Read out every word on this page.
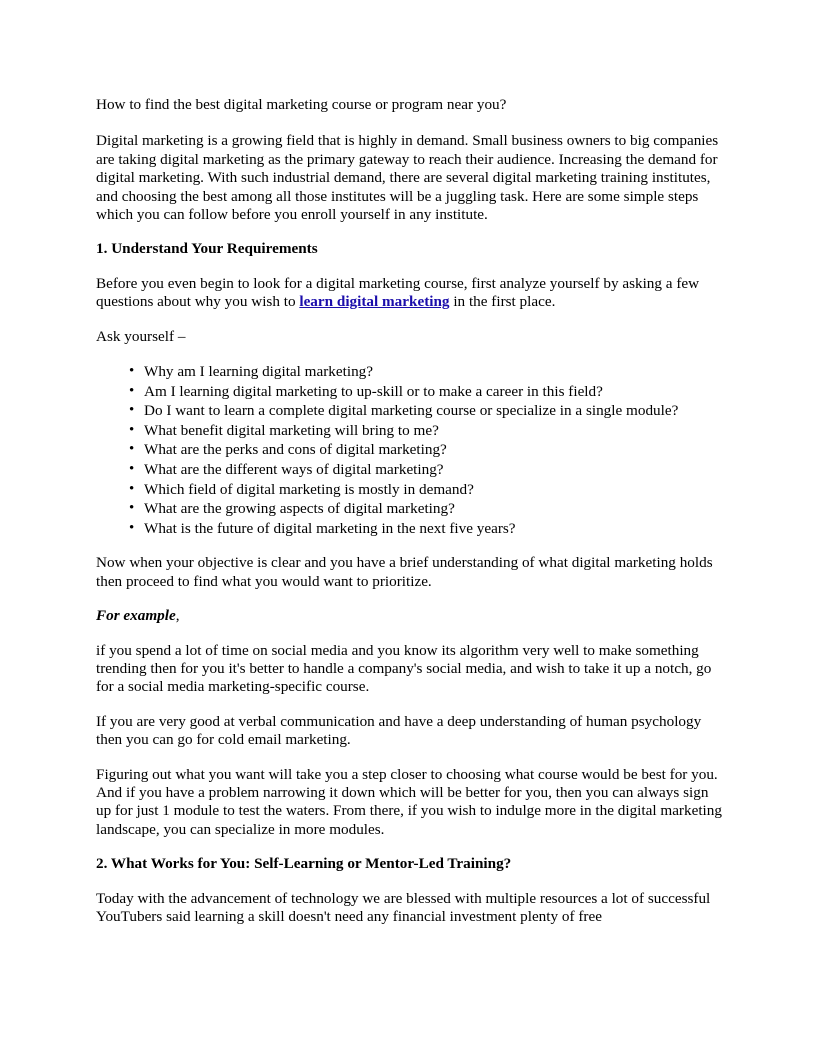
How to find the best digital marketing course or program near you?

Digital marketing is a growing field that is highly in demand. Small business owners to big companies are taking digital marketing as the primary gateway to reach their audience. Increasing the demand for digital marketing. With such industrial demand, there are several digital marketing training institutes, and choosing the best among all those institutes will be a juggling task. Here are some simple steps which you can follow before you enroll yourself in any institute.

1. Understand Your Requirements

Before you even begin to look for a digital marketing course, first analyze yourself by asking a few questions about why you wish to learn digital marketing in the first place.

Ask yourself –

• Why am I learning digital marketing?
• Am I learning digital marketing to up-skill or to make a career in this field?
• Do I want to learn a complete digital marketing course or specialize in a single module?
• What benefit digital marketing will bring to me?
• What are the perks and cons of digital marketing?
• What are the different ways of digital marketing?
• Which field of digital marketing is mostly in demand?
• What are the growing aspects of digital marketing?
• What is the future of digital marketing in the next five years?

Now when your objective is clear and you have a brief understanding of what digital marketing holds then proceed to find what you would want to prioritize.

For example,

if you spend a lot of time on social media and you know its algorithm very well to make something trending then for you it's better to handle a company's social media, and wish to take it up a notch, go for a social media marketing-specific course.

If you are very good at verbal communication and have a deep understanding of human psychology then you can go for cold email marketing.

Figuring out what you want will take you a step closer to choosing what course would be best for you. And if you have a problem narrowing it down which will be better for you, then you can always sign up for just 1 module to test the waters. From there, if you wish to indulge more in the digital marketing landscape, you can specialize in more modules.

2. What Works for You: Self-Learning or Mentor-Led Training?

Today with the advancement of technology we are blessed with multiple resources a lot of successful YouTubers said learning a skill doesn't need any financial investment plenty of free
